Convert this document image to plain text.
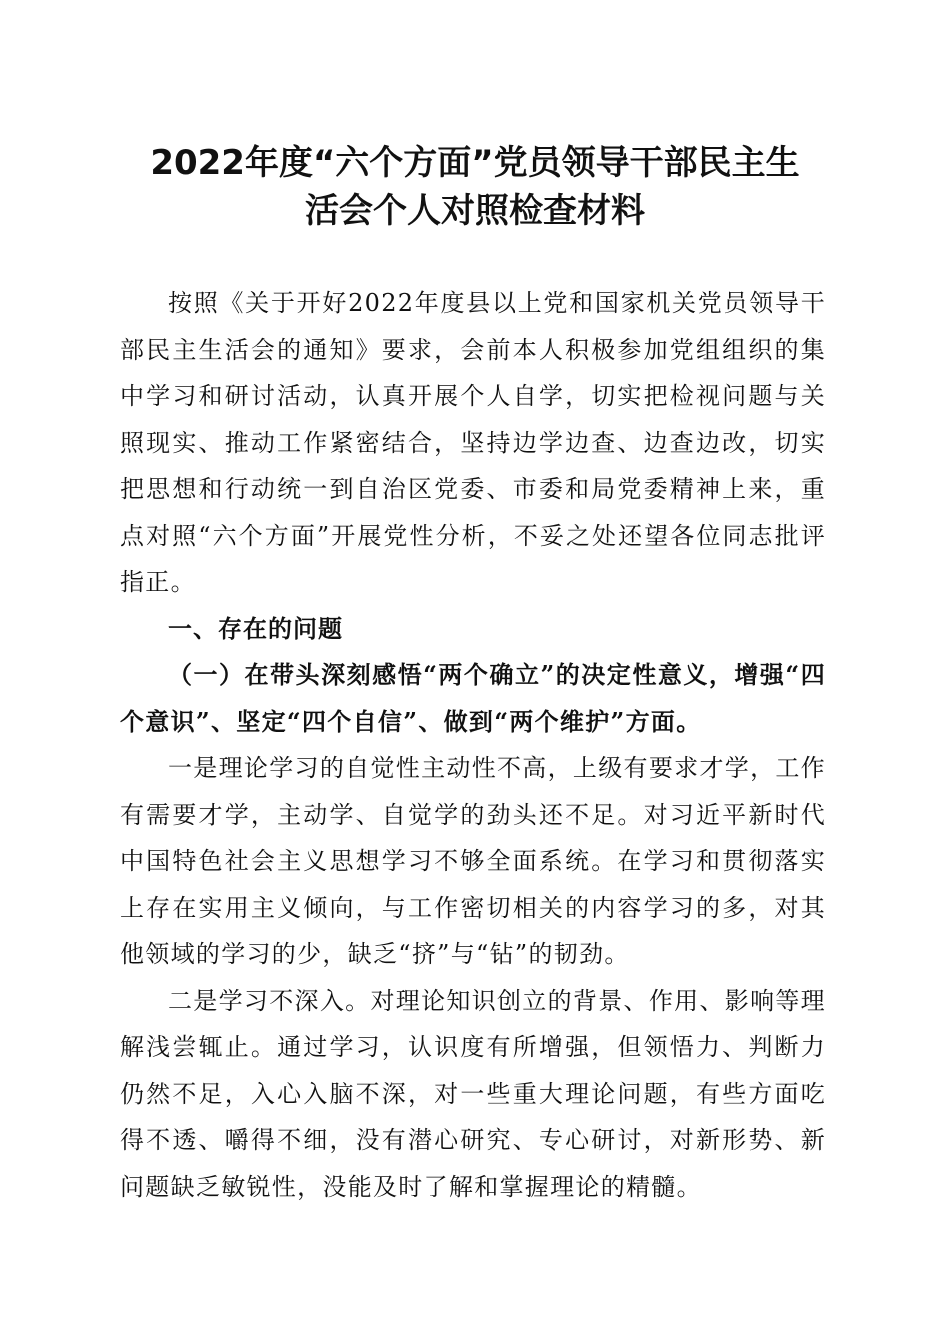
2022年度“六个方面”党员领导干部民主生
活会个人对照检查材料

按照《关于开好2022年度县以上党和国家机关党员领导干部民主生活会的通知》要求，会前本人积极参加党组组织的集中学习和研讨活动，认真开展个人自学，切实把检视问题与关照现实、推动工作紧密结合，坚持边学边查、边查边改，切实把思想和行动统一到自治区党委、市委和局党委精神上来，重点对照“六个方面”开展党性分析，不妥之处还望各位同志批评指正。

一、存在的问题

（一）在带头深刻感悟“两个确立”的决定性意义，增强“四个意识”、坚定“四个自信”、做到“两个维护”方面。

一是理论学习的自觉性主动性不高，上级有要求才学，工作有需要才学，主动学、自觉学的劲头还不足。对习近平新时代中国特色社会主义思想学习不够全面系统。在学习和贯彻落实上存在实用主义倾向，与工作密切相关的内容学习的多，对其他领域的学习的少，缺乏“挤”与“钻”的韧劲。

二是学习不深入。对理论知识创立的背景、作用、影响等理解浅尝辄止。通过学习，认识度有所增强，但领悟力、判断力仍然不足，入心入脑不深，对一些重大理论问题，有些方面吃得不透、嚼得不细，没有潜心研究、专心研讨，对新形势、新问题缺乏敏锐性，没能及时了解和掌握理论的精髓。
